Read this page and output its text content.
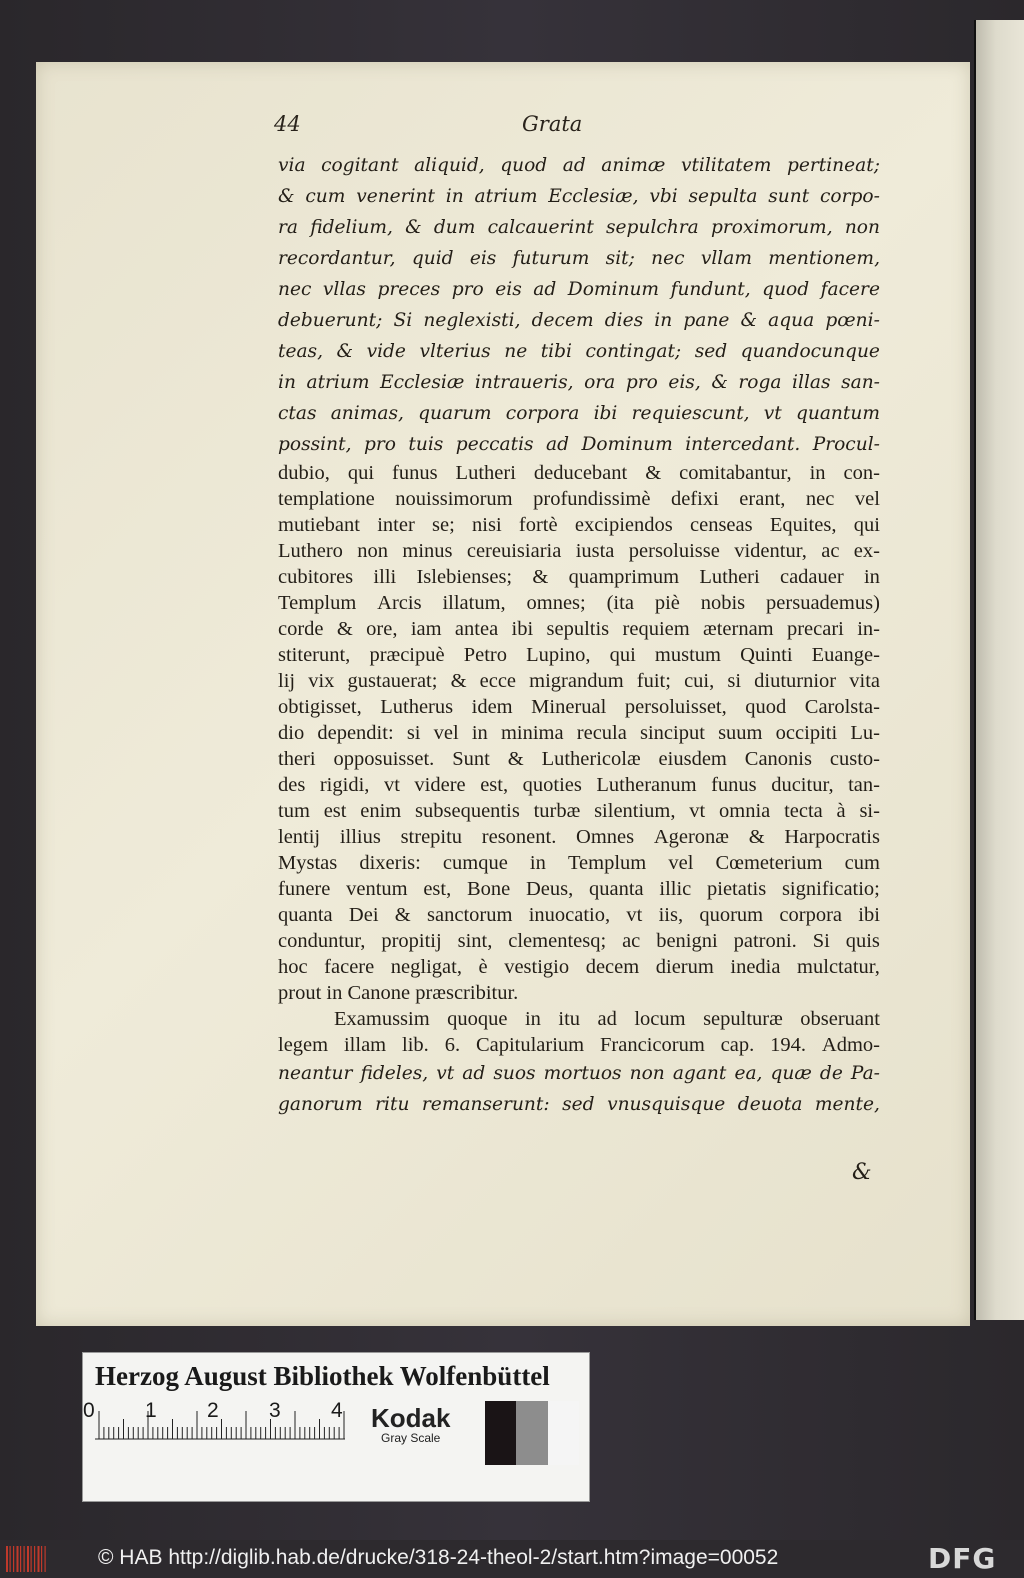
44	Grata
via cogitant aliquid, quod ad animæ vtilitatem pertineat;
& cum venerint in atrium Ecclesiæ, vbi sepulta sunt corpo-
ra fidelium, & dum calcauerint sepulchra proximorum, non
recordantur, quid eis futurum sit; nec vllam mentionem,
nec vllas preces pro eis ad Dominum fundunt, quod facere
debuerunt; Si neglexisti, decem dies in pane & aqua pœni-
teas, & vide vlterius ne tibi contingat; sed quandocunque
in atrium Ecclesiæ intraueris, ora pro eis, & roga illas san-
ctas animas, quarum corpora ibi requiescunt, vt quantum
possint, pro tuis peccatis ad Dominum intercedant. Procul-
dubio, qui funus Lutheri deducebant & comitabantur, in con-
templatione nouissimorum profundissimè defixi erant, nec vel
mutiebant inter se; nisi fortè excipiendos censeas Equites, qui
Luthero non minus cereuisiaria iusta persoluisse videntur, ac ex-
cubitores illi Islebienses; & quamprimum Lutheri cadauer in
Templum Arcis illatum, omnes; (ita piè nobis persuademus)
corde & ore, iam antea ibi sepultis requiem æternam precari in-
stiterunt, præcipuè Petro Lupino, qui mustum Quinti Euange-
lij vix gustauerat; & ecce migrandum fuit; cui, si diuturnior vita
obtigisset, Lutherus idem Minerual persoluisset, quod Carolsta-
dio dependit: si vel in minima recula sinciput suum occipiti Lu-
theri opposuisset. Sunt & Luthericolæ eiusdem Canonis custo-
des rigidi, vt videre est, quoties Lutheranum funus ducitur, tan-
tum est enim subsequentis turbæ silentium, vt omnia tecta à si-
lentij illius strepitu resonent. Omnes Ageronæ & Harpocratis
Mystas dixeris: cumque in Templum vel Cœmeterium cum
funere ventum est, Bone Deus, quanta illic pietatis significatio;
quanta Dei & sanctorum inuocatio, vt iis, quorum corpora ibi
conduntur, propitij sint, clementesq; ac benigni patroni. Si quis
hoc facere negligat, è vestigio decem dierum inedia mulctatur,
prout in Canone præscribitur.
Examussim quoque in itu ad locum sepulturæ obseruant
legem illam lib. 6. Capitularium Francicorum cap. 194. Admo-
neantur fideles, vt ad suos mortuos non agant ea, quæ de Pa-
ganorum ritu remanserunt: sed vnusquisque deuota mente,
&
Herzog August Bibliothek Wolfenbüttel
0 1 2 3 4 Kodak
Gray Scale
© HAB http://diglib.hab.de/drucke/318-24-theol-2/start.htm?image=00052	DFG
